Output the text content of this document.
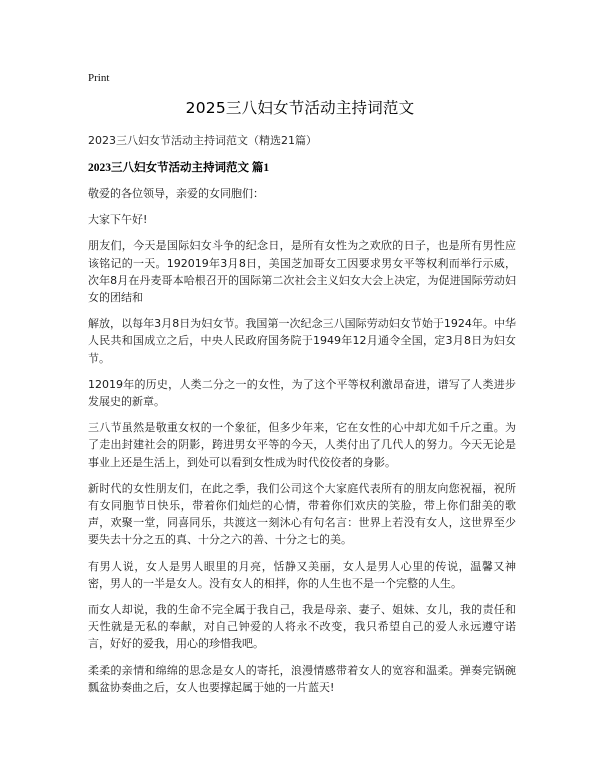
Print
2025三八妇女节活动主持词范文
2023三八妇女节活动主持词范文（精选21篇）
2023三八妇女节活动主持词范文 篇1

敬爱的各位领导，亲爱的女同胞们：

大家下午好!

朋友们，今天是国际妇女斗争的纪念日，是所有女性为之欢欣的日子，也是所有男性应该铭记的一天。192019年3月8日，美国芝加哥女工因要求男女平等权利而举行示威，次年8月在丹麦哥本哈根召开的国际第二次社会主义妇女大会上决定，为促进国际劳动妇女的团结和

解放，以每年3月8日为妇女节。我国第一次纪念三八国际劳动妇女节始于1924年。中华人民共和国成立之后，中央人民政府国务院于1949年12月通令全国，定3月8日为妇女节。

12019年的历史，人类二分之一的女性，为了这个平等权利激昂奋进，谱写了人类进步发展史的新章。

三八节虽然是敬重女权的一个象征，但多少年来，它在女性的心中却尤如千斤之重。为了走出封建社会的阴影，跨进男女平等的今天，人类付出了几代人的努力。今天无论是事业上还是生活上，到处可以看到女性成为时代佼佼者的身影。

新时代的女性朋友们，在此之季，我们公司这个大家庭代表所有的朋友向您祝福，祝所有女同胞节日快乐，带着你们灿烂的心情，带着你们欢庆的笑脸，带上你们甜美的歌声，欢聚一堂，同喜同乐，共渡这一刻沐心有句名言：世界上若没有女人，这世界至少要失去十分之五的真、十分之六的善、十分之七的美。

有男人说，女人是男人眼里的月亮，恬静又美丽，女人是男人心里的传说，温馨又神密，男人的一半是女人。没有女人的相拌，你的人生也不是一个完整的人生。

而女人却说，我的生命不完全属于我自己，我是母亲、妻子、姐妹、女儿，我的责任和天性就是无私的奉献，对自己钟爱的人将永不改变，我只希望自己的爱人永远遵守诺言，好好的爱我，用心的珍惜我吧。

柔柔的亲情和绵绵的思念是女人的寄托，浪漫情感带着女人的宽容和温柔。弹奏完锅碗瓢盆协奏曲之后，女人也要撑起属于她的一片蓝天!
